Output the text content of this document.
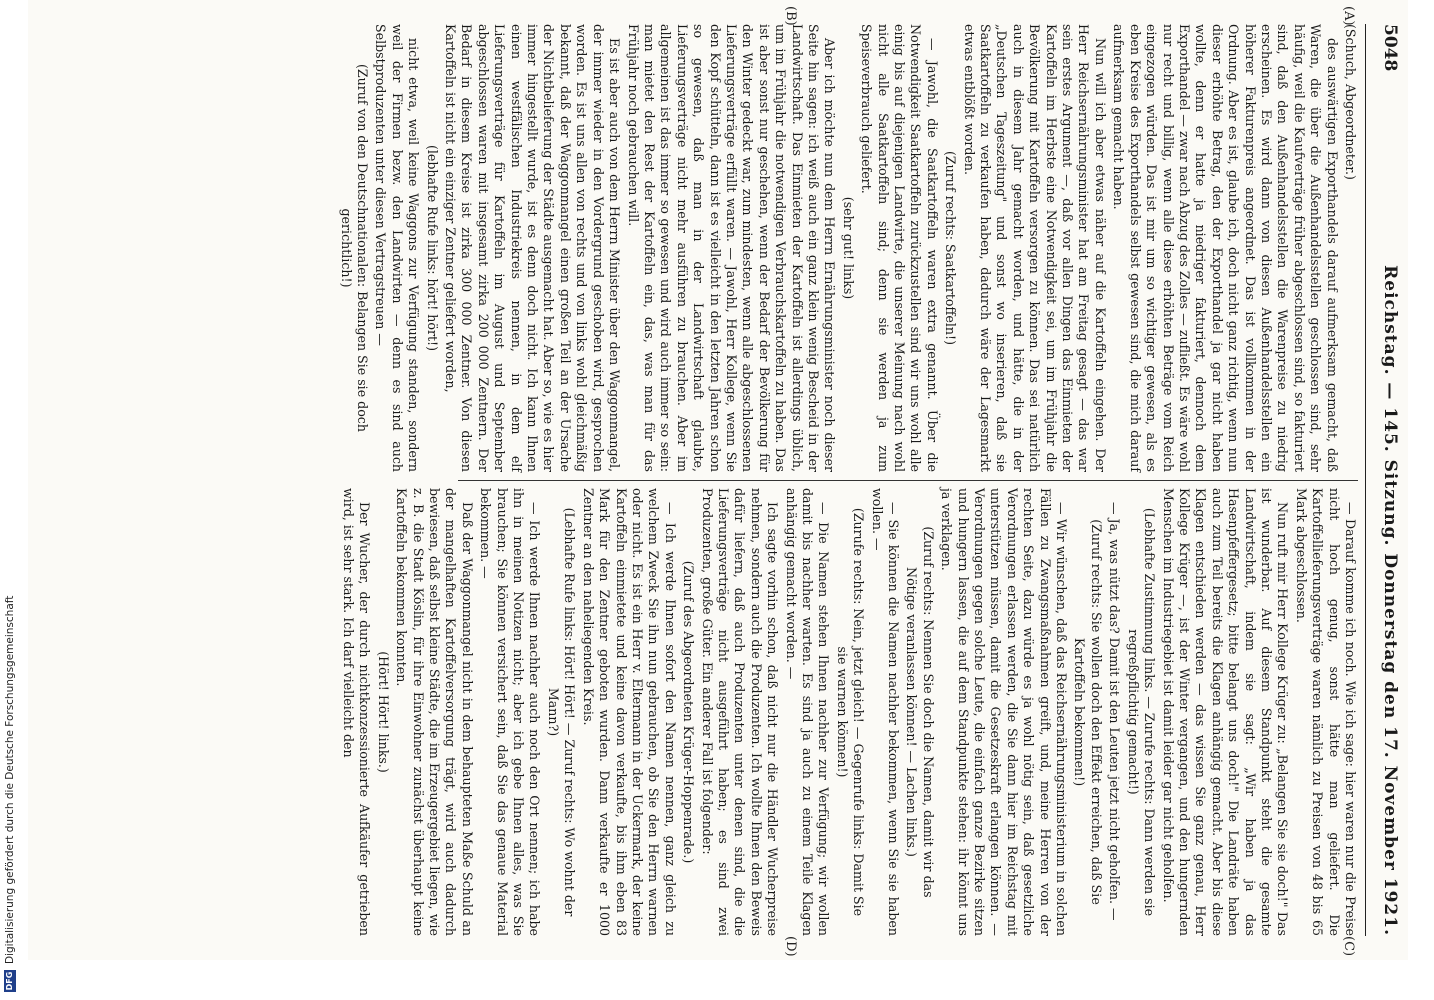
5048
Reichstag. — 145. Sitzung. Donnerstag den 17. November 1921.

(Schuch, Abgeordneter.)

des auswärtigen Exporthandels darauf aufmerksam gemacht, daß Waren, die über die Außenhandelsstellen geschlossen sind, sehr häufig, weil die Kaufverträge früher abgeschlossen sind, so fakturiert sind, daß den Außenhandelsstellen die Warenpreise zu niedrig erscheinen. Es wird dann von diesen Außenhandelsstellen ein höherer Fakturenpreis angeordnet. Das ist vollkommen in der Ordnung. Aber es ist, glaube ich, doch nicht ganz richtig, wenn nun dieser erhöhte Betrag, den der Exporthandel ja gar nicht haben wollte, denn er hatte ja niedriger fakturiert, dennoch dem Exporthandel — zwar nach Abzug des Zolles — zufließt. Es wäre wohl nur recht und billig, wenn alle diese erhöhten Beträge vom Reich eingezogen würden. Das ist mir um so wichtiger gewesen, als es eben Kreise des Exporthandels selbst gewesen sind, die mich darauf aufmerksam gemacht haben.

Nun will ich aber etwas näher auf die Kartoffeln eingehen. Der Herr Reichsernährungsminister hat am Freitag gesagt — das war sein erstes Argument —, daß vor allen Dingen das Einmieten der Kartoffeln im Herbste eine Notwendigkeit sei, um im Frühjahr die Bevölkerung mit Kartoffeln versorgen zu können. Das sei natürlich auch in diesem Jahr gemacht worden, und hätte, die in der „Deutschen Tageszeitung" und sonst wo inserieren, daß sie Saatkartoffeln zu verkaufen haben, dadurch wäre der Lagesmarkt etwas entblößt worden.

(Zuruf rechts: Saatkartoffeln!)

— Jawohl, die Saatkartoffeln waren extra genannt. Über die Notwendigkeit Saatkartoffeln zurückzustellen sind wir uns wohl alle einig bis auf diejenigen Landwirte, die unserer Meinung nach wohl nicht alle Saatkartoffeln sind; denn sie werden ja zum Speiseverbrauch geliefert.

(sehr gut! links)

Aber ich möchte nun dem Herrn Ernährungsminister noch dieser Seite hin sagen: ich weiß auch ein ganz klein wenig Bescheid in der Landwirtschaft. Das Einmieten der Kartoffeln ist allerdings üblich, um im Frühjahr die notwendigen Verbrauchskartoffeln zu haben. Das ist aber sonst nur geschehen, wenn der Bedarf der Bevölkerung für den Winter gedeckt war, zum mindesten, wenn alle abgeschlossenen Lieferungsverträge erfüllt waren. — Jawohl, Herr Kollege, wenn Sie den Kopf schütteln, dann ist es vielleicht in den letzten Jahren schon so gewesen, daß man in der Landwirtschaft glaubte, Lieferungsverträge nicht mehr ausführen zu brauchen. Aber im allgemeinen ist das immer so gewesen und wird auch immer so sein: man mietet den Rest der Kartoffeln ein, das, was man für das Frühjahr noch gebrauchen will.

Es ist aber auch von dem Herrn Minister über den Waggonmangel, der immer wieder in den Vordergrund geschoben wird, gesprochen worden. Es ist uns allen von rechts und von links wohl gleichmäßig bekannt, daß der Waggonmangel einen großen Teil an der Ursache der Nichtbelieferung der Städte ausgemacht hat. Aber so, wie es hier immer hingestellt wurde, ist es denn doch nicht. Ich kann Ihnen einen westfälischen Industriekreis nennen, in dem elf Lieferungsverträge für Kartoffeln im August und September abgeschlossen waren mit insgesamt zirka 200 000 Zentnern. Der Bedarf in diesem Kreise ist zirka 300 000 Zentner. Von diesen Kartoffeln ist nicht ein einziger Zentner geliefert worden,

(lebhafte Rufe links: hört! hört!)

nicht etwa, weil keine Waggons zur Verfügung standen, sondern weil der Firmen bezw. den Landwirten — denn es sind auch Selbstproduzenten unter diesen Vertragstreuen —

(Zuruf von den Deutschnationalen: Belangen Sie sie doch gerichtlich!)

— Darauf komme ich noch. Wie ich sage: hier waren nur die Preise nicht hoch genug, sonst hätte man geliefert. Die Kartoffellieferungsverträge waren nämlich zu Preisen von 48 bis 65 Mark abgeschlossen.

Nun ruft mir Herr Kollege Krüger zu: „Belangen Sie sie doch!" Das ist wunderbar. Auf diesem Standpunkt steht die gesamte Landwirtschaft, indem sie sagt: „Wir haben ja das Hasenpfeffergesetz; bitte belangt uns doch!" Die Landräte haben auch zum Teil bereits die Klagen anhängig gemacht. Aber bis diese Klagen entschieden werden — das wissen Sie ganz genau, Herr Kollege Krüger —, ist der Winter vergangen, und den hungernden Menschen im Industriegebiet ist damit leider gar nicht geholfen.

(Lebhafte Zustimmung links. — Zurufe rechts: Dann werden sie regreßpflichtig gemacht!)

— Ja, was nützt das? Damit ist den Leuten jetzt nicht geholfen. —

(Zuruf rechts: Sie wollen doch den Effekt erreichen, daß Sie Kartoffeln bekommen!)

— Wir wünschen, daß das Reichsernährungsministerium in solchen Fällen zu Zwangsmaßnahmen greift, und, meine Herren von der rechten Seite, dazu würde es ja wohl nötig sein, daß gesetzliche Verordnungen erlassen werden, die Sie dann hier im Reichstag mit unterstützen müssen, damit die Gesetzeskraft erlangen können. — Verordnungen gegen solche Leute, die einfach ganze Bezirke sitzen und hungern lassen, die auf dem Standpunkte stehen: ihr könnt uns ja verklagen.

(Zuruf rechts: Nennen Sie doch die Namen, damit wir das Nötige veranlassen können! — Lachen links.)

— Sie können die Namen nachher bekommen, wenn Sie sie haben wollen. —

(Zurufe rechts: Nein, jetzt gleich! — Gegenrufe links: Damit Sie sie warnen können!)

— Die Namen stehen Ihnen nachher zur Verfügung; wir wollen damit bis nachher warten. Es sind ja auch zu einem Teile Klagen anhängig gemacht worden. —

Ich sagte vorhin schon, daß nicht nur die Händler Wucherpreise nehmen, sondern auch die Produzenten. Ich wollte Ihnen den Beweis dafür liefern, daß auch Produzenten unter denen sind, die die Lieferungsverträge nicht ausgeführt haben; es sind zwei Produzenten, große Güter. Ein anderer Fall ist folgender:

(Zuruf des Abgeordneten Krüger-Hoppenrade.)

— Ich werde Ihnen sofort den Namen nennen, ganz gleich zu welchem Zweck Sie ihn nun gebrauchen, ob Sie den Herrn warnen oder nicht. Es ist ein Herr v. Eltermann in der Uckermark, der keine Kartoffeln einmietete und keine davon verkaufte, bis ihm eben 83 Mark für den Zentner geboten wurden. Dann verkaufte er 1000 Zentner an den naheliegenden Kreis.

(Lebhafte Rufe links: Hört! Hört! — Zuruf rechts: Wo wohnt der Mann?)

— Ich werde Ihnen nachher auch noch den Ort nennen; ich habe ihn in meinen Notizen nicht; aber ich gebe Ihnen alles, was Sie brauchen; Sie können versichert sein, daß Sie das genaue Material bekommen. —

Daß der Waggonmangel nicht in dem behaupteten Maße Schuld an der mangelhaften Kartoffelversorgung trägt, wird auch dadurch bewiesen, daß selbst kleine Städte, die im Erzeugergebiet liegen, wie z. B. die Stadt Köslin, für ihre Einwohner zunächst überhaupt keine Kartoffeln bekommen konnten.

(Hört! Hört! links.)

Der Wucher, der durch nichtkonzessionierte Aufkäufer getrieben wird, ist sehr stark. Ich darf vielleicht den

(A)
(B)
(C)
(D)
DFG
Digitalisierung gefördert durch die Deutsche Forschungsgemeinschaft
